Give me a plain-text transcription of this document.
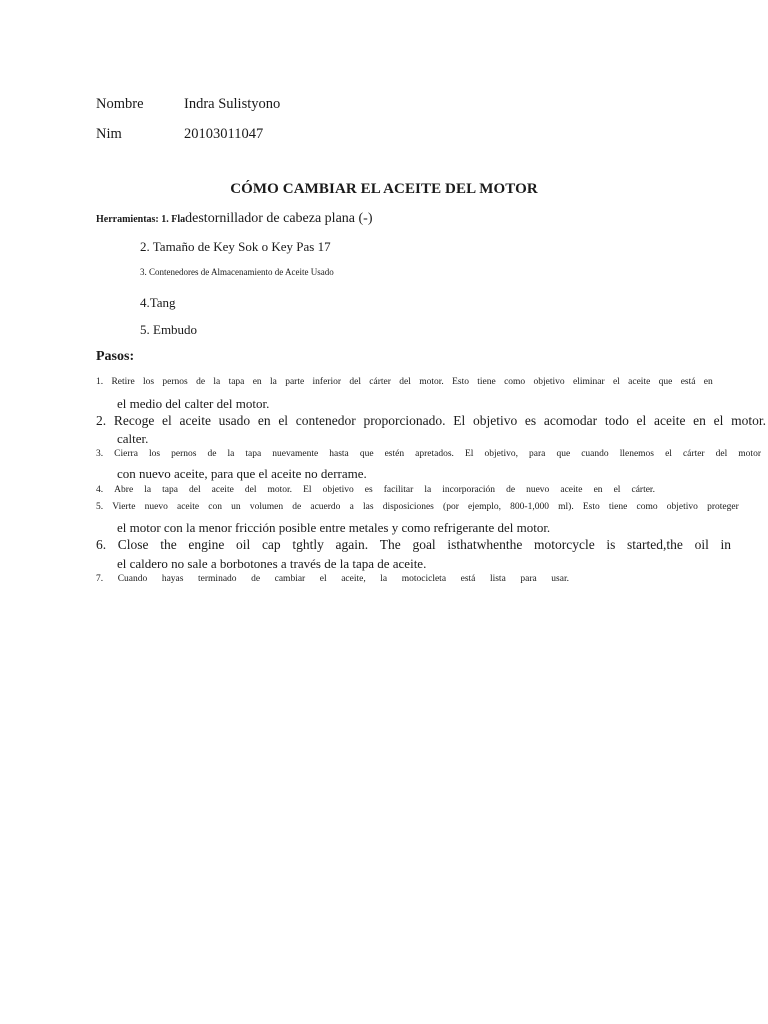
Nombre	Indra Sulistyono
Nim	20103011047
CÓMO CAMBIAR EL ACEITE DEL MOTOR
Herramientas: 1. Fladestornillador de cabeza plana (-)
2. Tamaño de Key Sok o Key Pas 17
3. Contenedores de Almacenamiento de Aceite Usado
4.Tang
5. Embudo
Pasos:
1. Retire los pernos de la tapa en la parte inferior del cárter del motor. Esto tiene como objetivo eliminar el aceite que está en
el medio del calter del motor.
2. Recoge el aceite usado en el contenedor proporcionado. El objetivo es acomodar todo el aceite en el motor.
calter.
3. Cierra los pernos de la tapa nuevamente hasta que estén apretados. El objetivo, para que cuando llenemos el cárter del motor
con nuevo aceite, para que el aceite no derrame.
4. Abre la tapa del aceite del motor. El objetivo es facilitar la incorporación de nuevo aceite en el cárter.
5. Vierte nuevo aceite con un volumen de acuerdo a las disposiciones (por ejemplo, 800-1,000 ml). Esto tiene como objetivo proteger
el motor con la menor fricción posible entre metales y como refrigerante del motor.
6. Close the engine oil cap tghtly again. The goal isthatwhenthe motorcycle is started,the oil in
el caldero no sale a borbotones a través de la tapa de aceite.
7. Cuando hayas terminado de cambiar el aceite, la motocicleta está lista para usar.
